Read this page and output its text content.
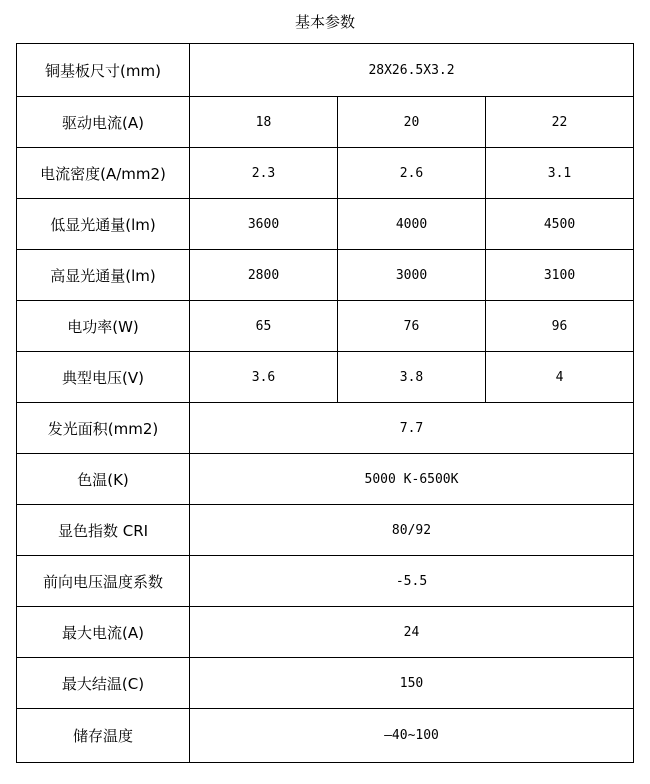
基本参数
铜基板尺寸(mm)	28X26.5X3.2		
驱动电流(A)	18	20	22
电流密度(A/mm2)	2.3	2.6	3.1
低显光通量(lm)	3600	4000	4500
高显光通量(lm)	2800	3000	3100
电功率(W)	65	76	96
典型电压(V)	3.6	3.8	4
发光面积(mm2)	7.7		
色温(K)	5000 K-6500K		
显色指数 CRI	80/92		
前向电压温度系数	-5.5		
最大电流(A)	24		
最大结温(C)	150		
储存温度	—40~100		
